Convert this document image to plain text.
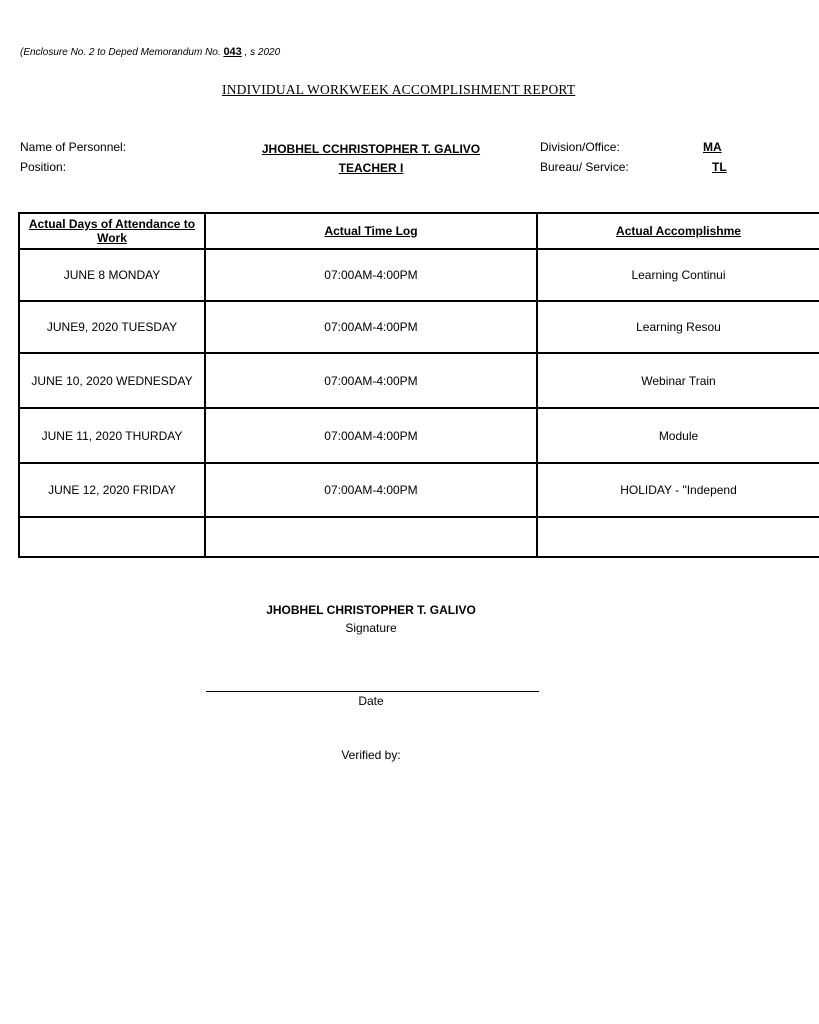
(Enclosure No. 2 to Deped Memorandum No. 043 , s 2020
INDIVIDUAL WORKWEEK ACCOMPLISHMENT REPORT
Name of Personnel:	JHOBHEL CCHRISTOPHER T. GALIVO	Division/Office:	MA
Position:	TEACHER I	Bureau/ Service:	TL
Actual Days of Attendance to Work	Actual Time Log	Actual Accomplishme
JUNE 8 MONDAY	07:00AM-4:00PM	Learning Continui
JUNE9, 2020 TUESDAY	07:00AM-4:00PM	Learning Resou
JUNE 10, 2020 WEDNESDAY	07:00AM-4:00PM	Webinar Train
JUNE 11, 2020 THURDAY	07:00AM-4:00PM	Module
JUNE 12, 2020 FRIDAY	07:00AM-4:00PM	HOLIDAY - "Independ

JHOBHEL CHRISTOPHER T. GALIVO
Signature
Date
Verified by:
